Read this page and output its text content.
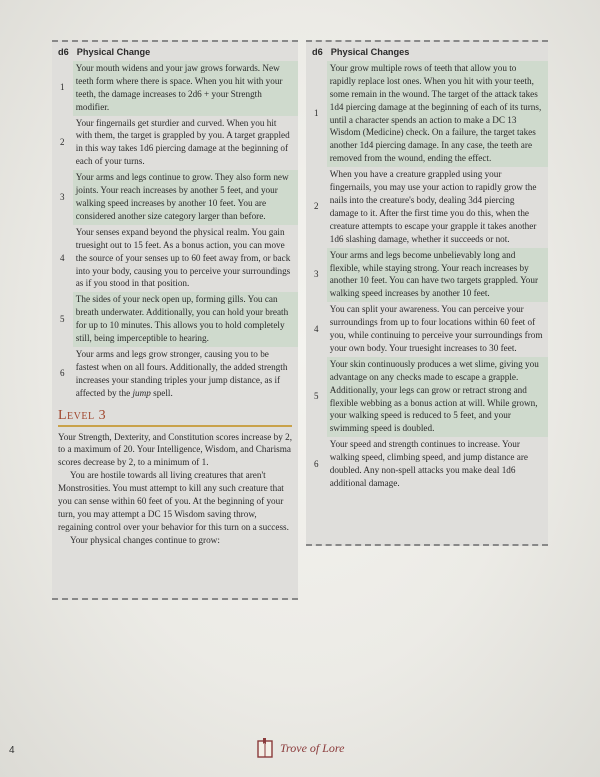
d6	Physical Change
1	Your mouth widens and your jaw grows forwards. New teeth form where there is space. When you hit with your teeth, the damage increases to 2d6 + your Strength modifier.
2	Your fingernails get sturdier and curved. When you hit with them, the target is grappled by you. A target grappled in this way takes 1d6 piercing damage at the beginning of each of your turns.
3	Your arms and legs continue to grow. They also form new joints. Your reach increases by another 5 feet, and your walking speed increases by another 10 feet. You are considered another size category larger than before.
4	Your senses expand beyond the physical realm. You gain truesight out to 15 feet. As a bonus action, you can move the source of your senses up to 60 feet away from, or back into your body, causing you to perceive your surroundings as if you stood in that position.
5	The sides of your neck open up, forming gills. You can breath underwater. Additionally, you can hold your breath for up to 10 minutes. This allows you to hold completely still, being imperceptible to hearing.
6	Your arms and legs grow stronger, causing you to be fastest when on all fours. Additionally, the added strength increases your standing triples your jump distance, as if affected by the jump spell.
Level 3

Your Strength, Dexterity, and Constitution scores increase by 2, to a maximum of 20. Your Intelligence, Wisdom, and Charisma scores decrease by 2, to a minimum of 1.

You are hostile towards all living creatures that aren't Monstrosities. You must attempt to kill any such creature that you can sense within 60 feet of you. At the beginning of your turn, you may attempt a DC 15 Wisdom saving throw, regaining control over your behavior for this turn on a success.

Your physical changes continue to grow:

d6	Physical Changes
1	Your grow multiple rows of teeth that allow you to rapidly replace lost ones. When you hit with your teeth, some remain in the wound. The target of the attack takes 1d4 piercing damage at the beginning of each of its turns, until a character spends an action to make a DC 13 Wisdom (Medicine) check. On a failure, the target takes another 1d4 piercing damage. In any case, the teeth are removed from the wound, ending the effect.
2	When you have a creature grappled using your fingernails, you may use your action to rapidly grow the nails into the creature's body, dealing 3d4 piercing damage to it. After the first time you do this, when the creature attempts to escape your grapple it takes another 1d6 slashing damage, whether it succeeds or not.
3	Your arms and legs become unbelievably long and flexible, while staying strong. Your reach increases by another 10 feet. You can have two targets grappled. Your walking speed increases by another 10 feet.
4	You can split your awareness. You can perceive your surroundings from up to four locations within 60 feet of you, while continuing to perceive your surroundings from your own body. Your truesight increases to 30 feet.
5	Your skin continuously produces a wet slime, giving you advantage on any checks made to escape a grapple. Additionally, your legs can grow or retract strong and flexible webbing as a bonus action at will. While grown, your walking speed is reduced to 5 feet, and your swimming speed is doubled.
6	Your speed and strength continues to increase. Your walking speed, climbing speed, and jump distance are doubled. Any non-spell attacks you make deal 1d6 additional damage.
4	Trove of Lore
